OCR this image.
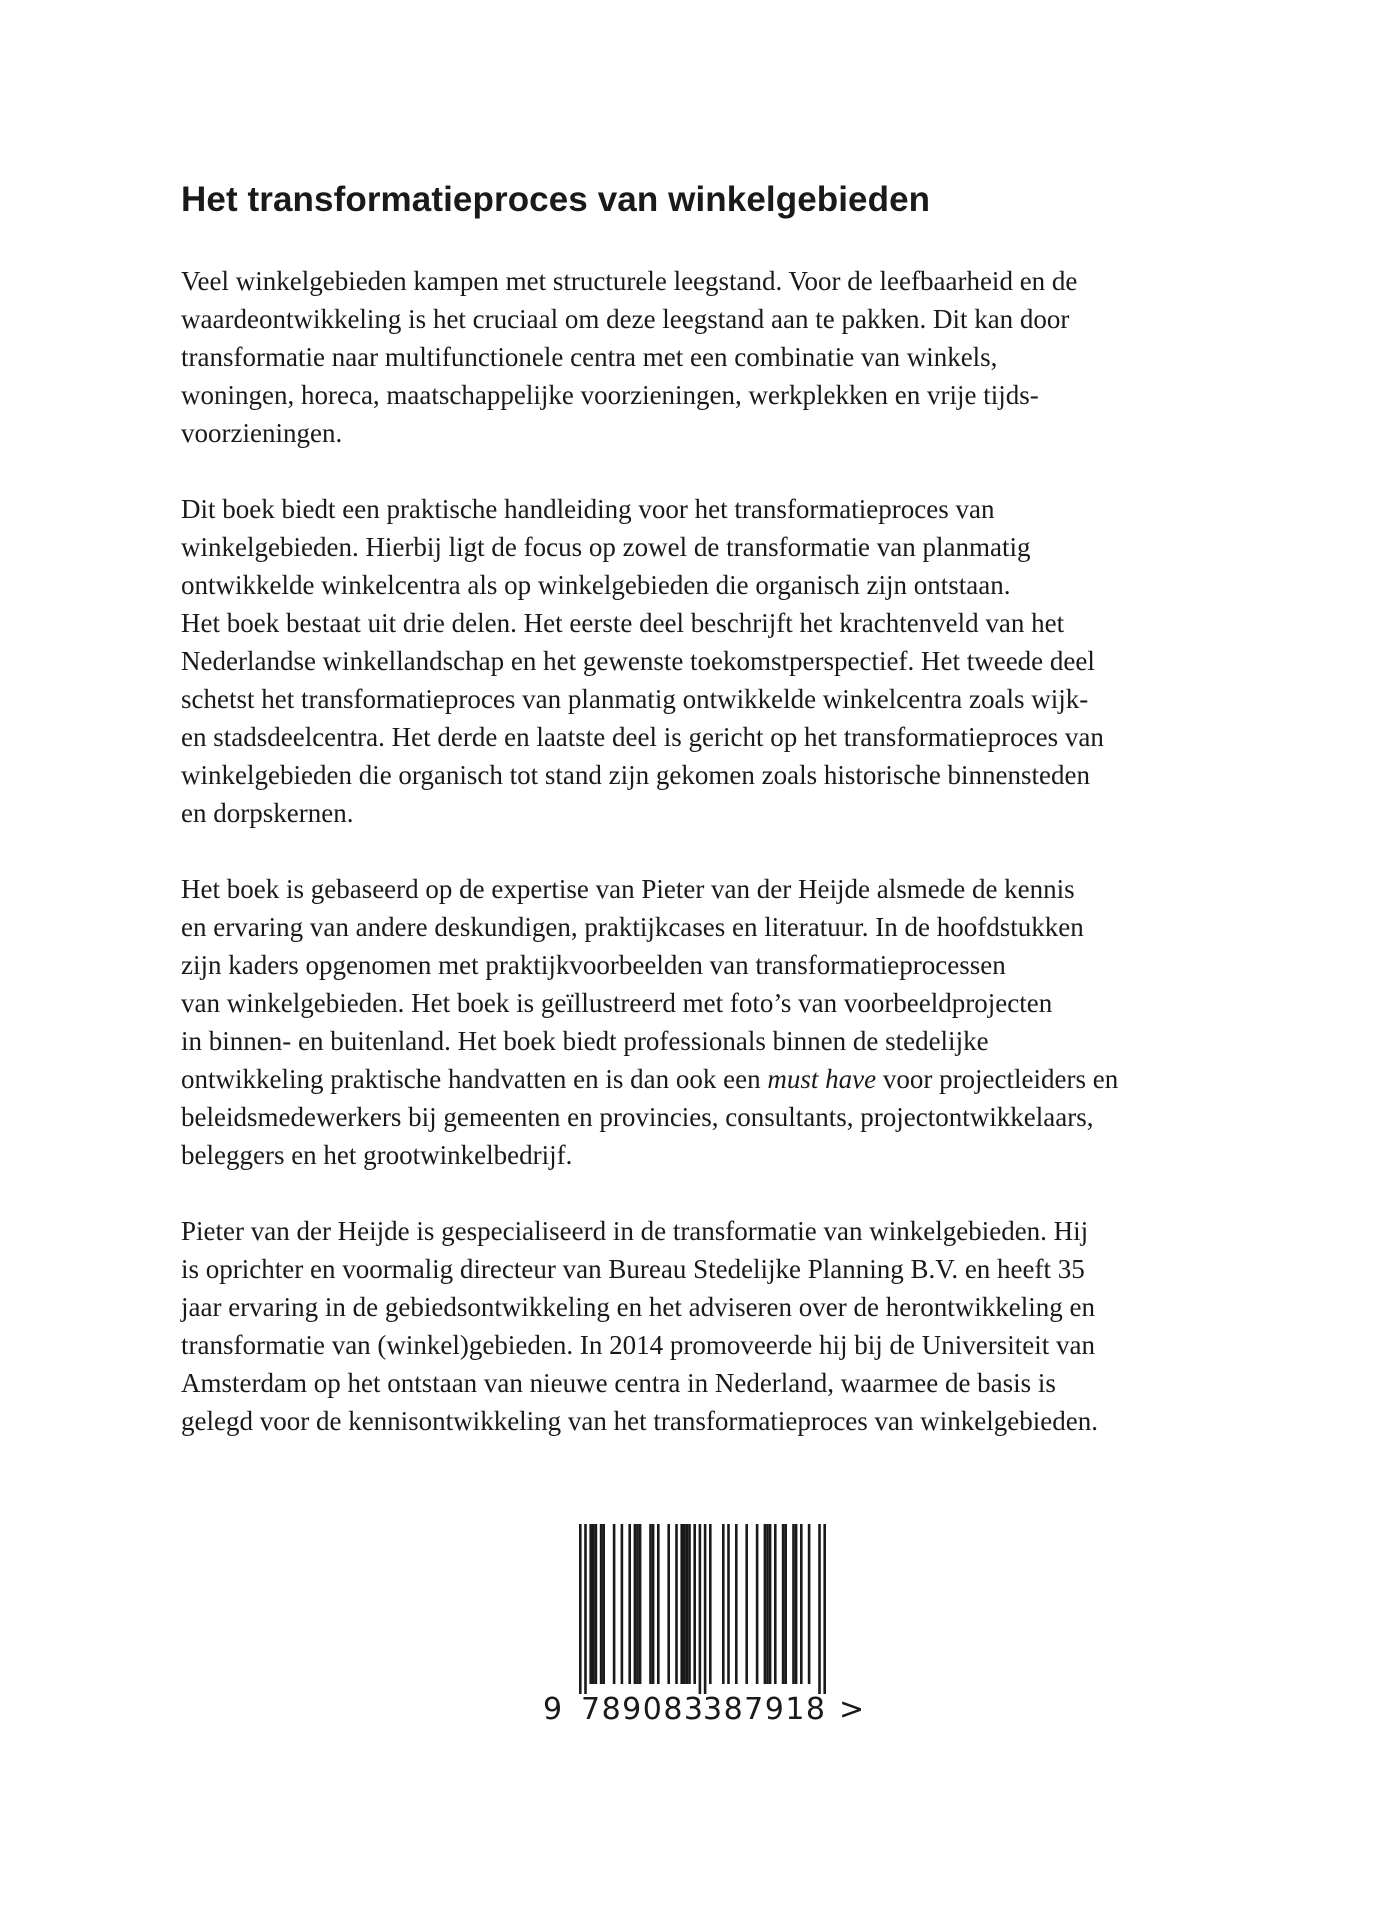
Het transformatieproces van winkelgebieden

Veel winkelgebieden kampen met structurele leegstand. Voor de leefbaarheid en de
waardeontwikkeling is het cruciaal om deze leegstand aan te pakken. Dit kan door
transformatie naar multifunctionele centra met een combinatie van winkels,
woningen, horeca, maatschappelijke voorzieningen, werkplekken en vrije tijds-
voorzieningen.

Dit boek biedt een praktische handleiding voor het transformatieproces van
winkelgebieden. Hierbij ligt de focus op zowel de transformatie van planmatig
ontwikkelde winkelcentra als op winkelgebieden die organisch zijn ontstaan.
Het boek bestaat uit drie delen. Het eerste deel beschrijft het krachtenveld van het
Nederlandse winkellandschap en het gewenste toekomstperspectief. Het tweede deel
schetst het transformatieproces van planmatig ontwikkelde winkelcentra zoals wijk-
en stadsdeelcentra. Het derde en laatste deel is gericht op het transformatieproces van
winkelgebieden die organisch tot stand zijn gekomen zoals historische binnensteden
en dorpskernen.

Het boek is gebaseerd op de expertise van Pieter van der Heijde alsmede de kennis
en ervaring van andere deskundigen, praktijkcases en literatuur. In de hoofdstukken
zijn kaders opgenomen met praktijkvoorbeelden van transformatieprocessen
van winkelgebieden. Het boek is geïllustreerd met foto’s van voorbeeldprojecten
in binnen- en buitenland. Het boek biedt professionals binnen de stedelijke
ontwikkeling praktische handvatten en is dan ook een must have voor projectleiders en
beleidsmedewerkers bij gemeenten en provincies, consultants, projectontwikkelaars,
beleggers en het grootwinkelbedrijf.

Pieter van der Heijde is gespecialiseerd in de transformatie van winkelgebieden. Hij
is oprichter en voormalig directeur van Bureau Stedelijke Planning B.V. en heeft 35
jaar ervaring in de gebiedsontwikkeling en het adviseren over de herontwikkeling en
transformatie van (winkel)gebieden. In 2014 promoveerde hij bij de Universiteit van
Amsterdam op het ontstaan van nieuwe centra in Nederland, waarmee de basis is
gelegd voor de kennisontwikkeling van het transformatieproces van winkelgebieden.

9 789083
387918 >
